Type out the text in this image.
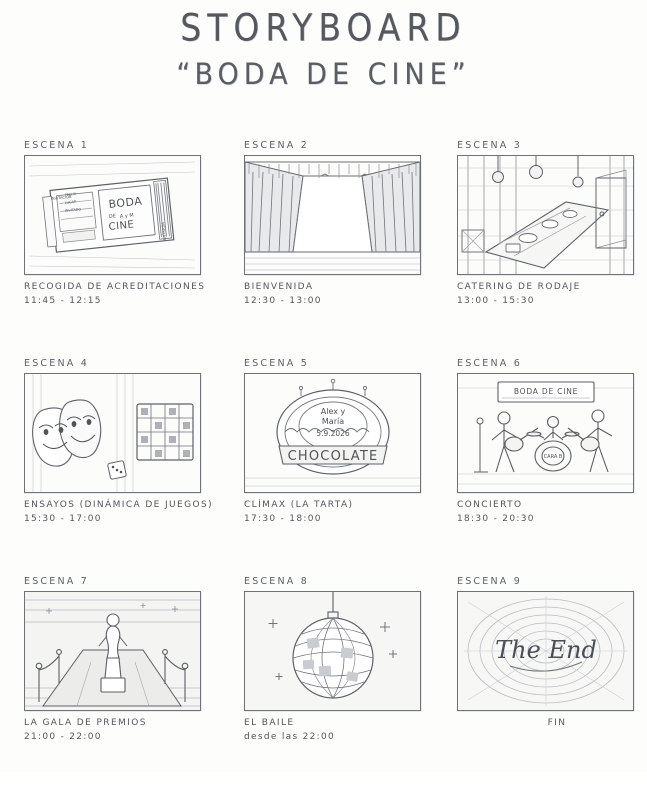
STORYBOARD
“BODA DE CINE”
ESCENA 1
BODA
DE A y M
CINE
INVITACION
FECHA
LUGAR
INVITADO
ENTRADA
RECOGIDA DE ACREDITACIONES
11:45 - 12:15
ESCENA 2
BIENVENIDA
12:30 - 13:00
ESCENA 3
CATERING DE RODAJE
13:00 - 15:30
ESCENA 4
ENSAYOS (DINÁMICA DE JUEGOS)
15:30 - 17:00
ESCENA 5
Alex y
María
5.9.2026
CHOCOLATE
CLÍMAX (LA TARTA)
17:30 - 18:00
ESCENA 6
BODA DE CINE
CARA B
CONCIERTO
18:30 - 20:30
ESCENA 7
LA GALA DE PREMIOS
21:00 - 22:00
ESCENA 8
EL BAILE
desde las 22:00
ESCENA 9
The End
FIN
